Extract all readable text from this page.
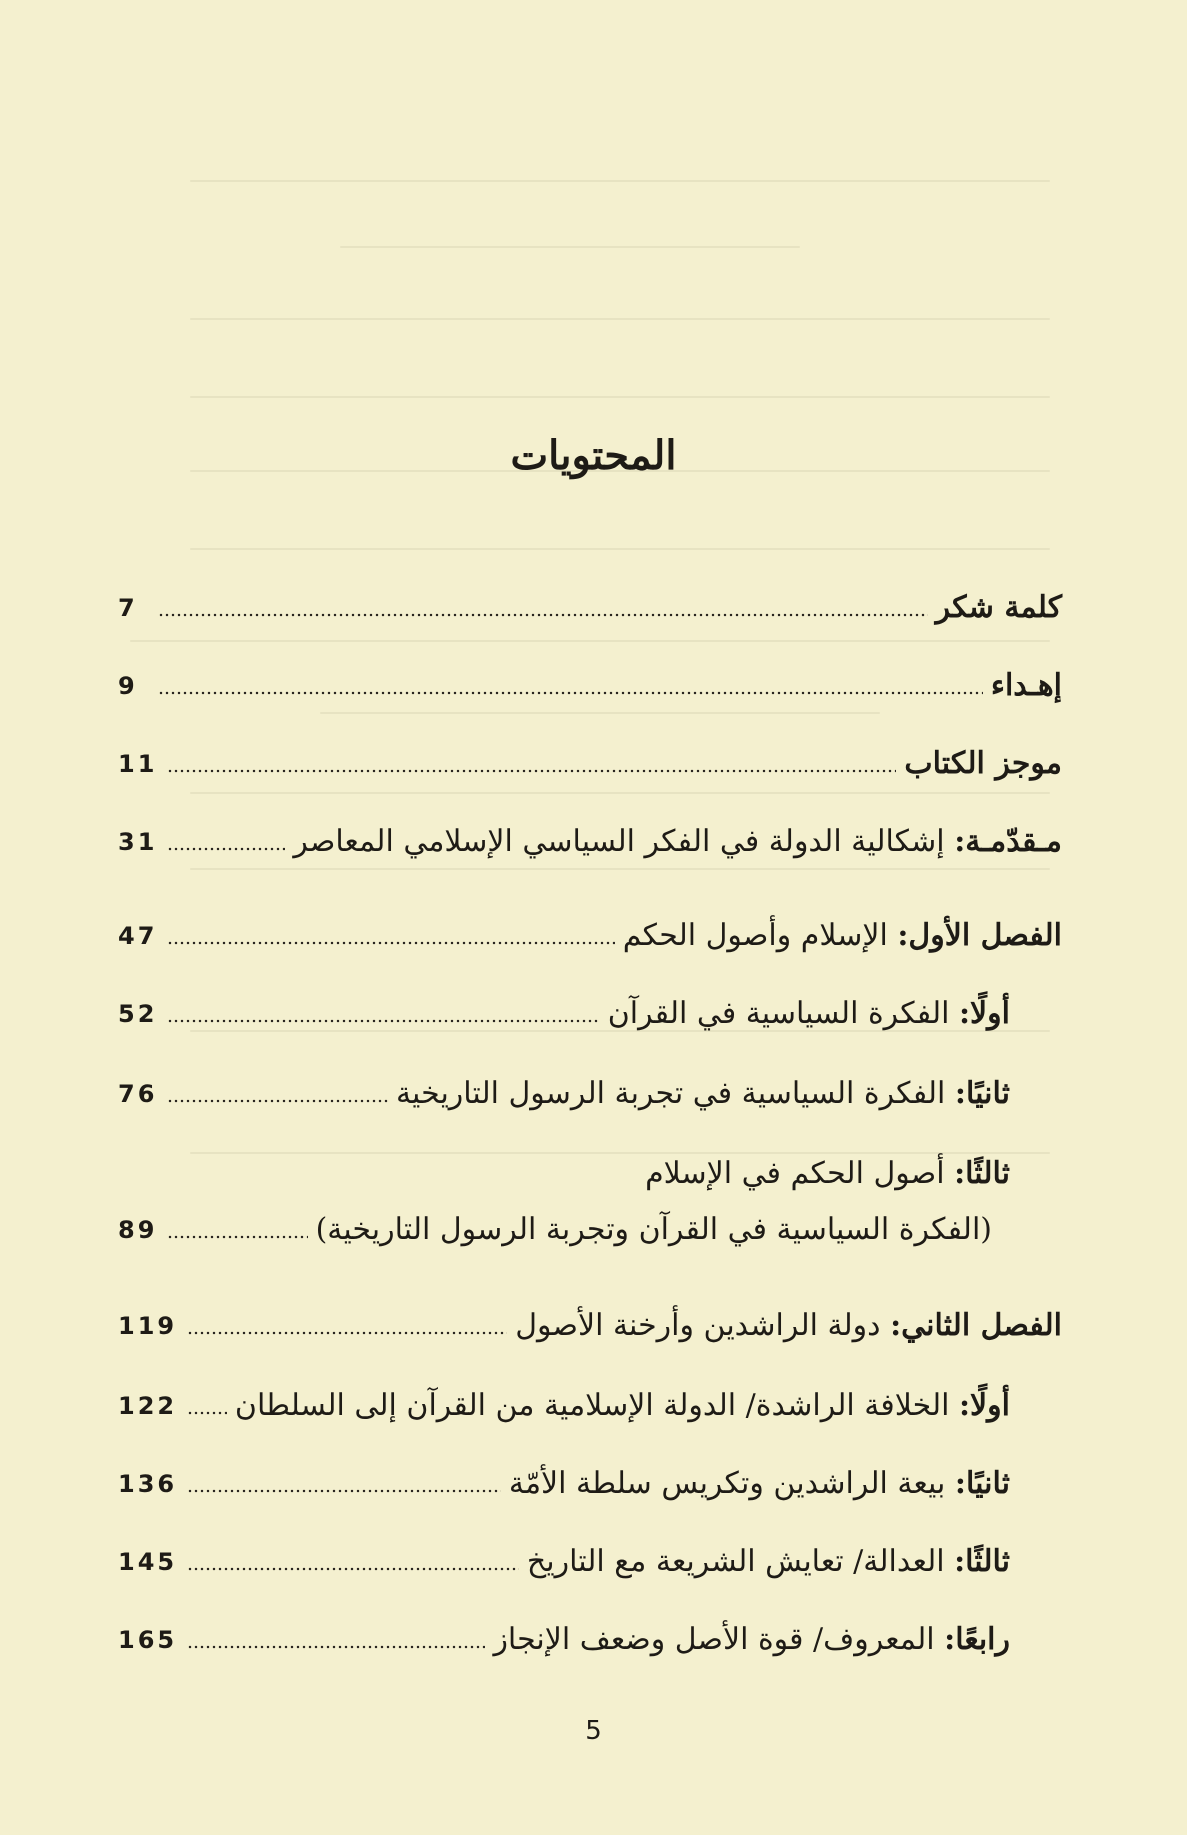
المحتويات
كلمة شكر
7
إهـداء
9
موجز الكتاب
11
مـقدّمـة: إشكالية الدولة في الفكر السياسي الإسلامي المعاصر
31
الفصل الأول: الإسلام وأصول الحكم
47
أولًا: الفكرة السياسية في القرآن
52
ثانيًا: الفكرة السياسية في تجربة الرسول التاريخية
76
ثالثًا: أصول الحكم في الإسلام
(الفكرة السياسية في القرآن وتجربة الرسول التاريخية)
89
الفصل الثاني: دولة الراشدين وأرخنة الأصول
119
أولًا: الخلافة الراشدة/ الدولة الإسلامية من القرآن إلى السلطان
122
ثانيًا: بيعة الراشدين وتكريس سلطة الأمّة
136
ثالثًا: العدالة/ تعايش الشريعة مع التاريخ
145
رابعًا: المعروف/ قوة الأصل وضعف الإنجاز
165
5
